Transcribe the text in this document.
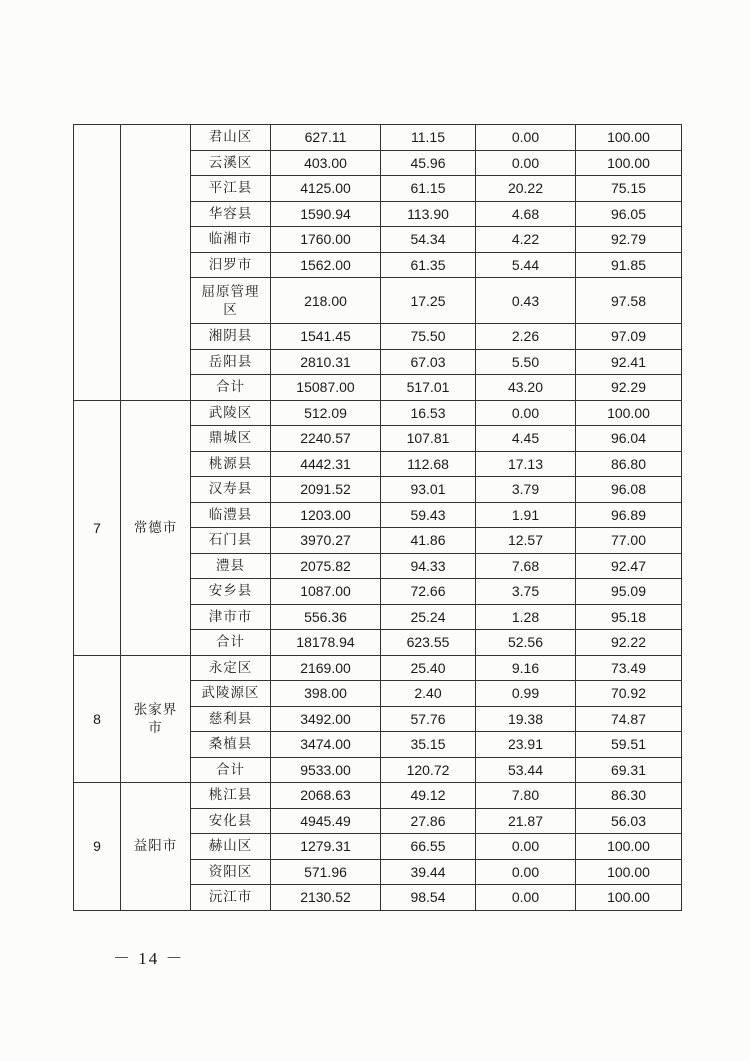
		君山区	627.11	11.15	0.00	100.00
		云溪区	403.00	45.96	0.00	100.00
		平江县	4125.00	61.15	20.22	75.15
		华容县	1590.94	113.90	4.68	96.05
		临湘市	1760.00	54.34	4.22	92.79
		汨罗市	1562.00	61.35	5.44	91.85
		屈原管理区	218.00	17.25	0.43	97.58
		湘阴县	1541.45	75.50	2.26	97.09
		岳阳县	2810.31	67.03	5.50	92.41
		合计	15087.00	517.01	43.20	92.29
7	常德市	武陵区	512.09	16.53	0.00	100.00
		鼎城区	2240.57	107.81	4.45	96.04
		桃源县	4442.31	112.68	17.13	86.80
		汉寿县	2091.52	93.01	3.79	96.08
		临澧县	1203.00	59.43	1.91	96.89
		石门县	3970.27	41.86	12.57	77.00
		澧县	2075.82	94.33	7.68	92.47
		安乡县	1087.00	72.66	3.75	95.09
		津市市	556.36	25.24	1.28	95.18
		合计	18178.94	623.55	52.56	92.22
8	张家界市	永定区	2169.00	25.40	9.16	73.49
		武陵源区	398.00	2.40	0.99	70.92
		慈利县	3492.00	57.76	19.38	74.87
		桑植县	3474.00	35.15	23.91	59.51
		合计	9533.00	120.72	53.44	69.31
9	益阳市	桃江县	2068.63	49.12	7.80	86.30
		安化县	4945.49	27.86	21.87	56.03
		赫山区	1279.31	66.55	0.00	100.00
		资阳区	571.96	39.44	0.00	100.00
		沅江市	2130.52	98.54	0.00	100.00
－ 14 －
